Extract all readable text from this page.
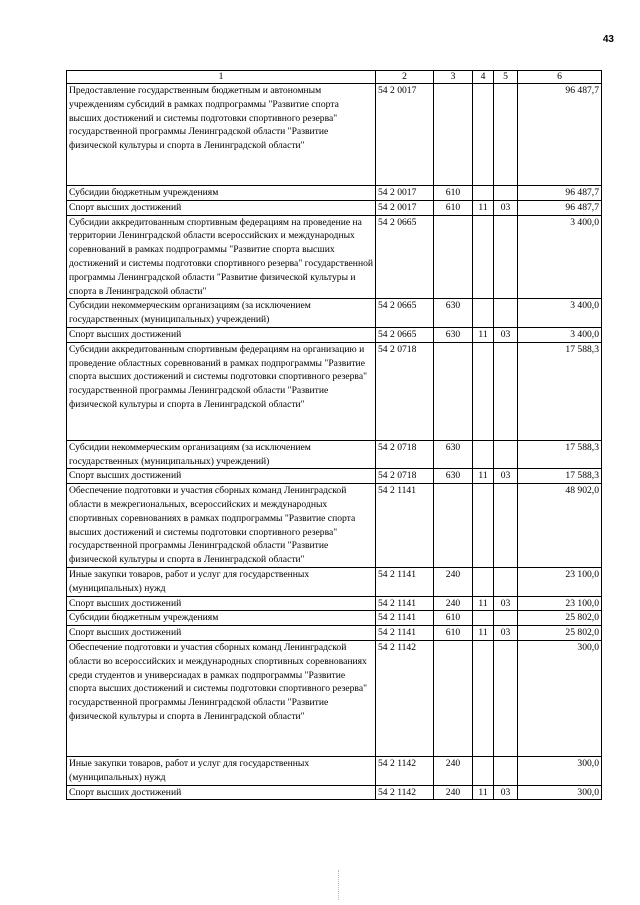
43
1	2	3	4	5	6
Предоставление государственным бюджетным и автономным учреждениям субсидий в рамках подпрограммы "Развитие спорта высших достижений и системы подготовки спортивного резерва" государственной программы Ленинградской области "Развитие физической культуры и спорта в Ленинградской области"	54 2 0017				96 487,7
Субсидии бюджетным учреждениям	54 2 0017	610			96 487,7
Спорт высших достижений	54 2 0017	610	11	03	96 487,7
Субсидии аккредитованным спортивным федерациям на проведение на территории Ленинградской области всероссийских и международных соревнований в рамках подпрограммы "Развитие спорта высших достижений и системы подготовки спортивного резерва" государственной программы Ленинградской области "Развитие физической культуры и спорта в Ленинградской области"	54 2 0665				3 400,0
Субсидии некоммерческим организациям (за исключением государственных (муниципальных) учреждений)	54 2 0665	630			3 400,0
Спорт высших достижений	54 2 0665	630	11	03	3 400,0
Субсидии аккредитованным спортивным федерациям на организацию и проведение областных соревнований в рамках подпрограммы "Развитие спорта высших достижений и системы подготовки спортивного резерва" государственной программы Ленинградской области "Развитие физической культуры и спорта в Ленинградской области"	54 2 0718				17 588,3
Субсидии некоммерческим организациям (за исключением государственных (муниципальных) учреждений)	54 2 0718	630			17 588,3
Спорт высших достижений	54 2 0718	630	11	03	17 588,3
Обеспечение подготовки и участия сборных команд Ленинградской области в межрегиональных, всероссийских и международных спортивных соревнованиях в рамках подпрограммы "Развитие спорта высших достижений и системы подготовки спортивного резерва" государственной программы Ленинградской области "Развитие физической культуры и спорта в Ленинградской области"	54 2 1141				48 902,0
Иные закупки товаров, работ и услуг для государственных (муниципальных) нужд	54 2 1141	240			23 100,0
Спорт высших достижений	54 2 1141	240	11	03	23 100,0
Субсидии бюджетным учреждениям	54 2 1141	610			25 802,0
Спорт высших достижений	54 2 1141	610	11	03	25 802,0
Обеспечение подготовки и участия сборных команд Ленинградской области во всероссийских и международных спортивных соревнованиях среди студентов и универсиадах в рамках подпрограммы "Развитие спорта высших достижений и системы подготовки спортивного резерва" государственной программы Ленинградской области "Развитие физической культуры и спорта в Ленинградской области"	54 2 1142				300,0
Иные закупки товаров, работ и услуг для государственных (муниципальных) нужд	54 2 1142	240			300,0
Спорт высших достижений	54 2 1142	240	11	03	300,0
